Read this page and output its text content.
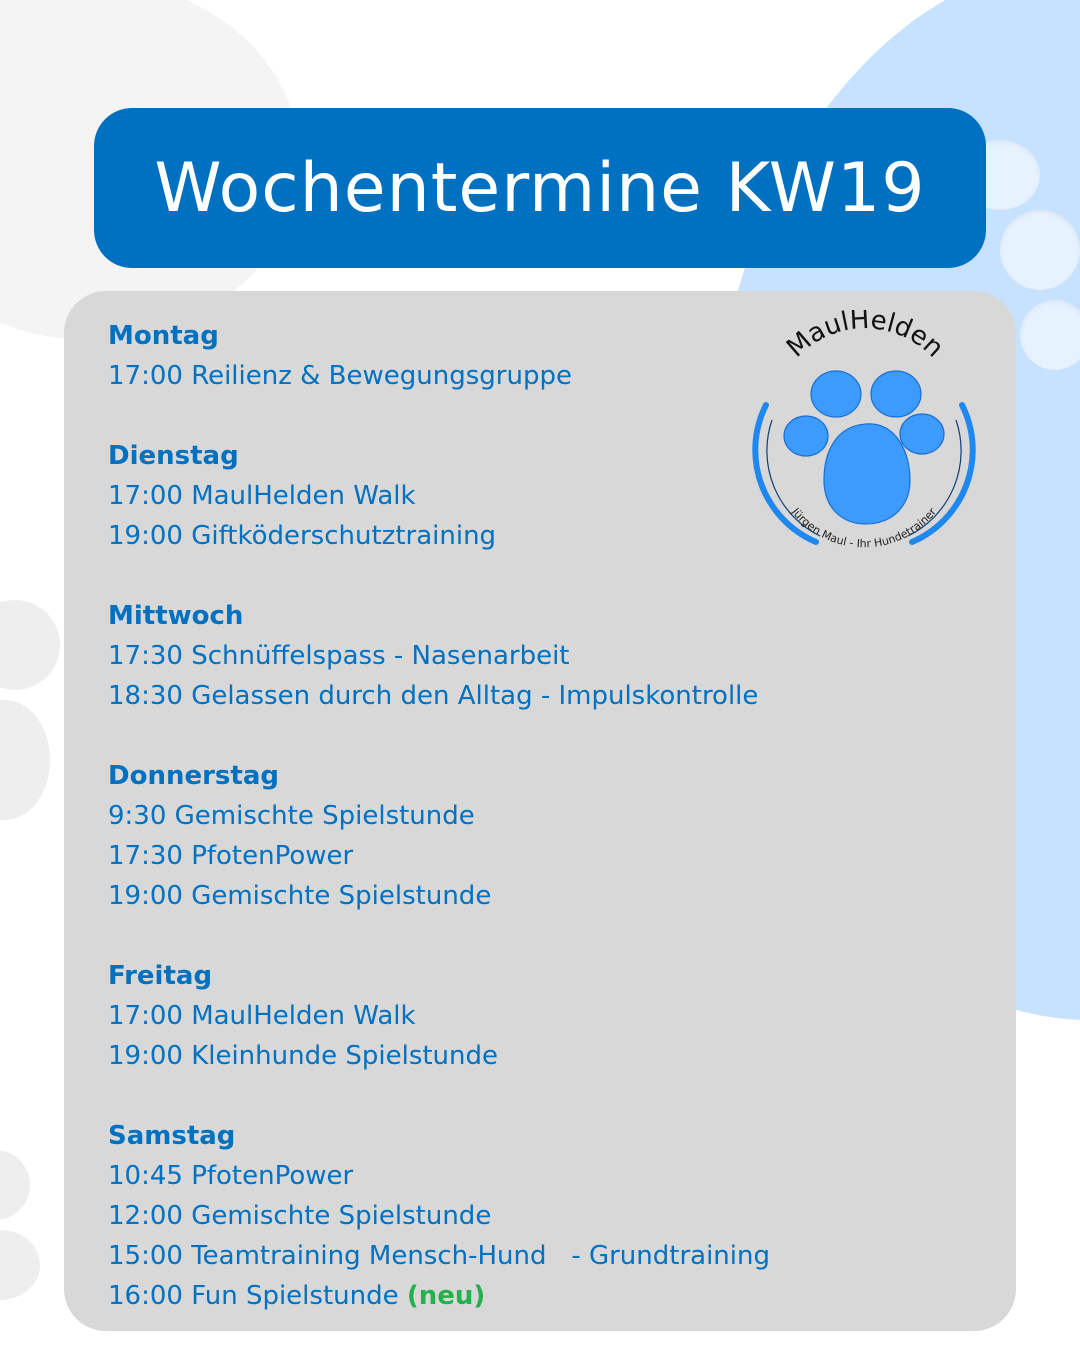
Wochentermine KW19
Montag
17:00 Reilienz & Bewegungsgruppe
Dienstag
17:00 MaulHelden Walk
19:00 Giftköderschutztraining
Mittwoch
17:30 Schnüffelspass - Nasenarbeit
18:30 Gelassen durch den Alltag - Impulskontrolle
Donnerstag
9:30 Gemischte Spielstunde
17:30 PfotenPower
19:00 Gemischte Spielstunde
Freitag
17:00 MaulHelden Walk
19:00 Kleinhunde Spielstunde
Samstag
10:45 PfotenPower
12:00 Gemischte Spielstunde
15:00 Teamtraining Mensch-Hund   - Grundtraining
16:00 Fun Spielstunde (neu)
MaulHelden
Jürgen Maul - Ihr Hundetrainer
